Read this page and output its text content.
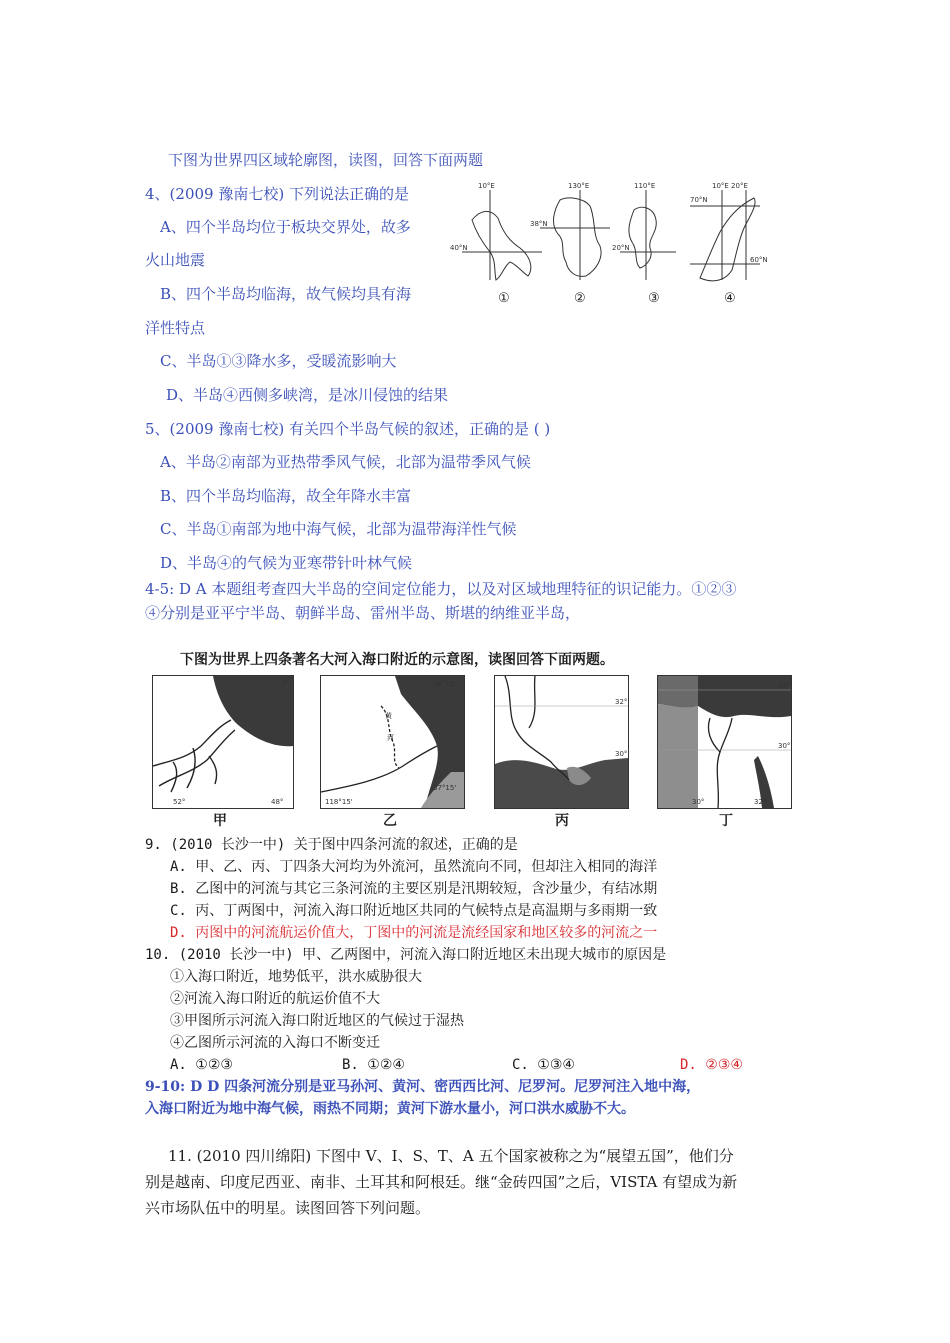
下图为世界四区域轮廓图，读图，回答下面两题
4、(2009 豫南七校) 下列说法正确的是
A、四个半岛均位于板块交界处，故多
火山地震
B、四个半岛均临海，故气候均具有海
洋性特点
C、半岛①③降水多，受暖流影响大
D、半岛④西侧多峡湾，是冰川侵蚀的结果
10°E
40°N
130°E
38°N
110°E
20°N
10°E 20°E
70°N
60°N
①	②	③	④
5、(2009 豫南七校) 有关四个半岛气候的叙述，正确的是 ( )
A、半岛②南部为亚热带季风气候，北部为温带季风气候
B、四个半岛均临海，故全年降水丰富
C、半岛①南部为地中海气候，北部为温带海洋性气候
D、半岛④的气候为亚寒带针叶林气候
4-5: D A 本题组考查四大半岛的空间定位能力，以及对区域地理特征的识记能力。①②③
④分别是亚平宁半岛、朝鲜半岛、雷州半岛、斯堪的纳维亚半岛，
下图为世界上四条著名大河入海口附近的示意图，读图回答下面两题。
2°
52°	48°
甲
黄
河
38°15'
37°15'
118°15'
乙
32°
30°
丙
32°
30°
30°	32°
丁
9. (2010 长沙一中) 关于图中四条河流的叙述，正确的是
A. 甲、乙、丙、丁四条大河均为外流河，虽然流向不同，但却注入相同的海洋
B. 乙图中的河流与其它三条河流的主要区别是汛期较短，含沙量少，有结冰期
C. 丙、丁两图中，河流入海口附近地区共同的气候特点是高温期与多雨期一致
D. 丙图中的河流航运价值大，丁图中的河流是流经国家和地区较多的河流之一
10. (2010 长沙一中) 甲、乙两图中，河流入海口附近地区未出现大城市的原因是
①入海口附近，地势低平，洪水威胁很大
②河流入海口附近的航运价值不大
③甲图所示河流入海口附近地区的气候过于湿热
④乙图所示河流的入海口不断变迁
A. ①②③	B. ①②④	C. ①③④	D. ②③④
9-10: D D 四条河流分别是亚马孙河、黄河、密西西比河、尼罗河。尼罗河注入地中海，
入海口附近为地中海气候，雨热不同期；黄河下游水量小，河口洪水威胁不大。
11. (2010 四川绵阳) 下图中 V、I、S、T、A 五个国家被称之为“展望五国”，他们分
别是越南、印度尼西亚、南非、土耳其和阿根廷。继“金砖四国”之后，VISTA 有望成为新
兴市场队伍中的明星。读图回答下列问题。
